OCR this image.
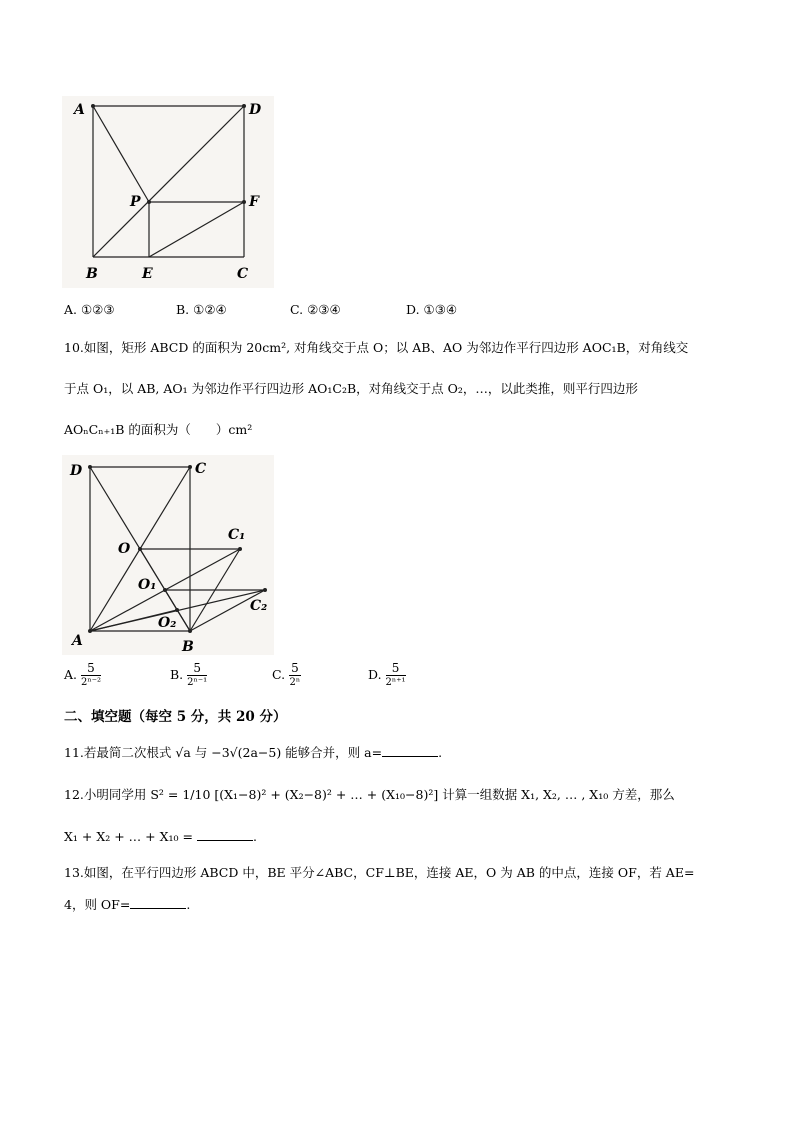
A	D
P	F
B	E	C
A. ①②③	B. ①②④	C. ②③④	D. ①③④
10.如图，矩形 ABCD 的面积为 20cm², 对角线交于点 O；以 AB、AO 为邻边作平行四边形 AOC₁B，对角线交
于点 O₁，以 AB, AO₁ 为邻边作平行四边形 AO₁C₂B，对角线交于点 O₂，…，以此类推，则平行四边形
AOₙCₙ₊₁B 的面积为（　　）cm²
D	C
O
C₁
O₁
C₂
O₂
A	B
A. $\frac{5}{\text{2ⁿ⁻²}}$	B. $\frac{5}{\text{2ⁿ⁻¹}}$	C. $\frac{5}{\text{2ⁿ}}$	D. $\frac{5}{\text{2ⁿ⁺¹}}$
二、填空题（每空 5 分，共 20 分）
11.若最简二次根式 √a 与 −3√(2a−5) 能够合并，则 a=	.
12.小明同学用 S² = 1/10 [(X₁−8)² + (X₂−8)² + … + (X₁₀−8)²] 计算一组数据 X₁, X₂, … , X₁₀ 方差，那么
X₁ + X₂ + … + X₁₀ =	.
13.如图，在平行四边形 ABCD 中，BE 平分∠ABC，CF⊥BE，连接 AE，O 为 AB 的中点，连接 OF，若 AE=
4，则 OF=	.
